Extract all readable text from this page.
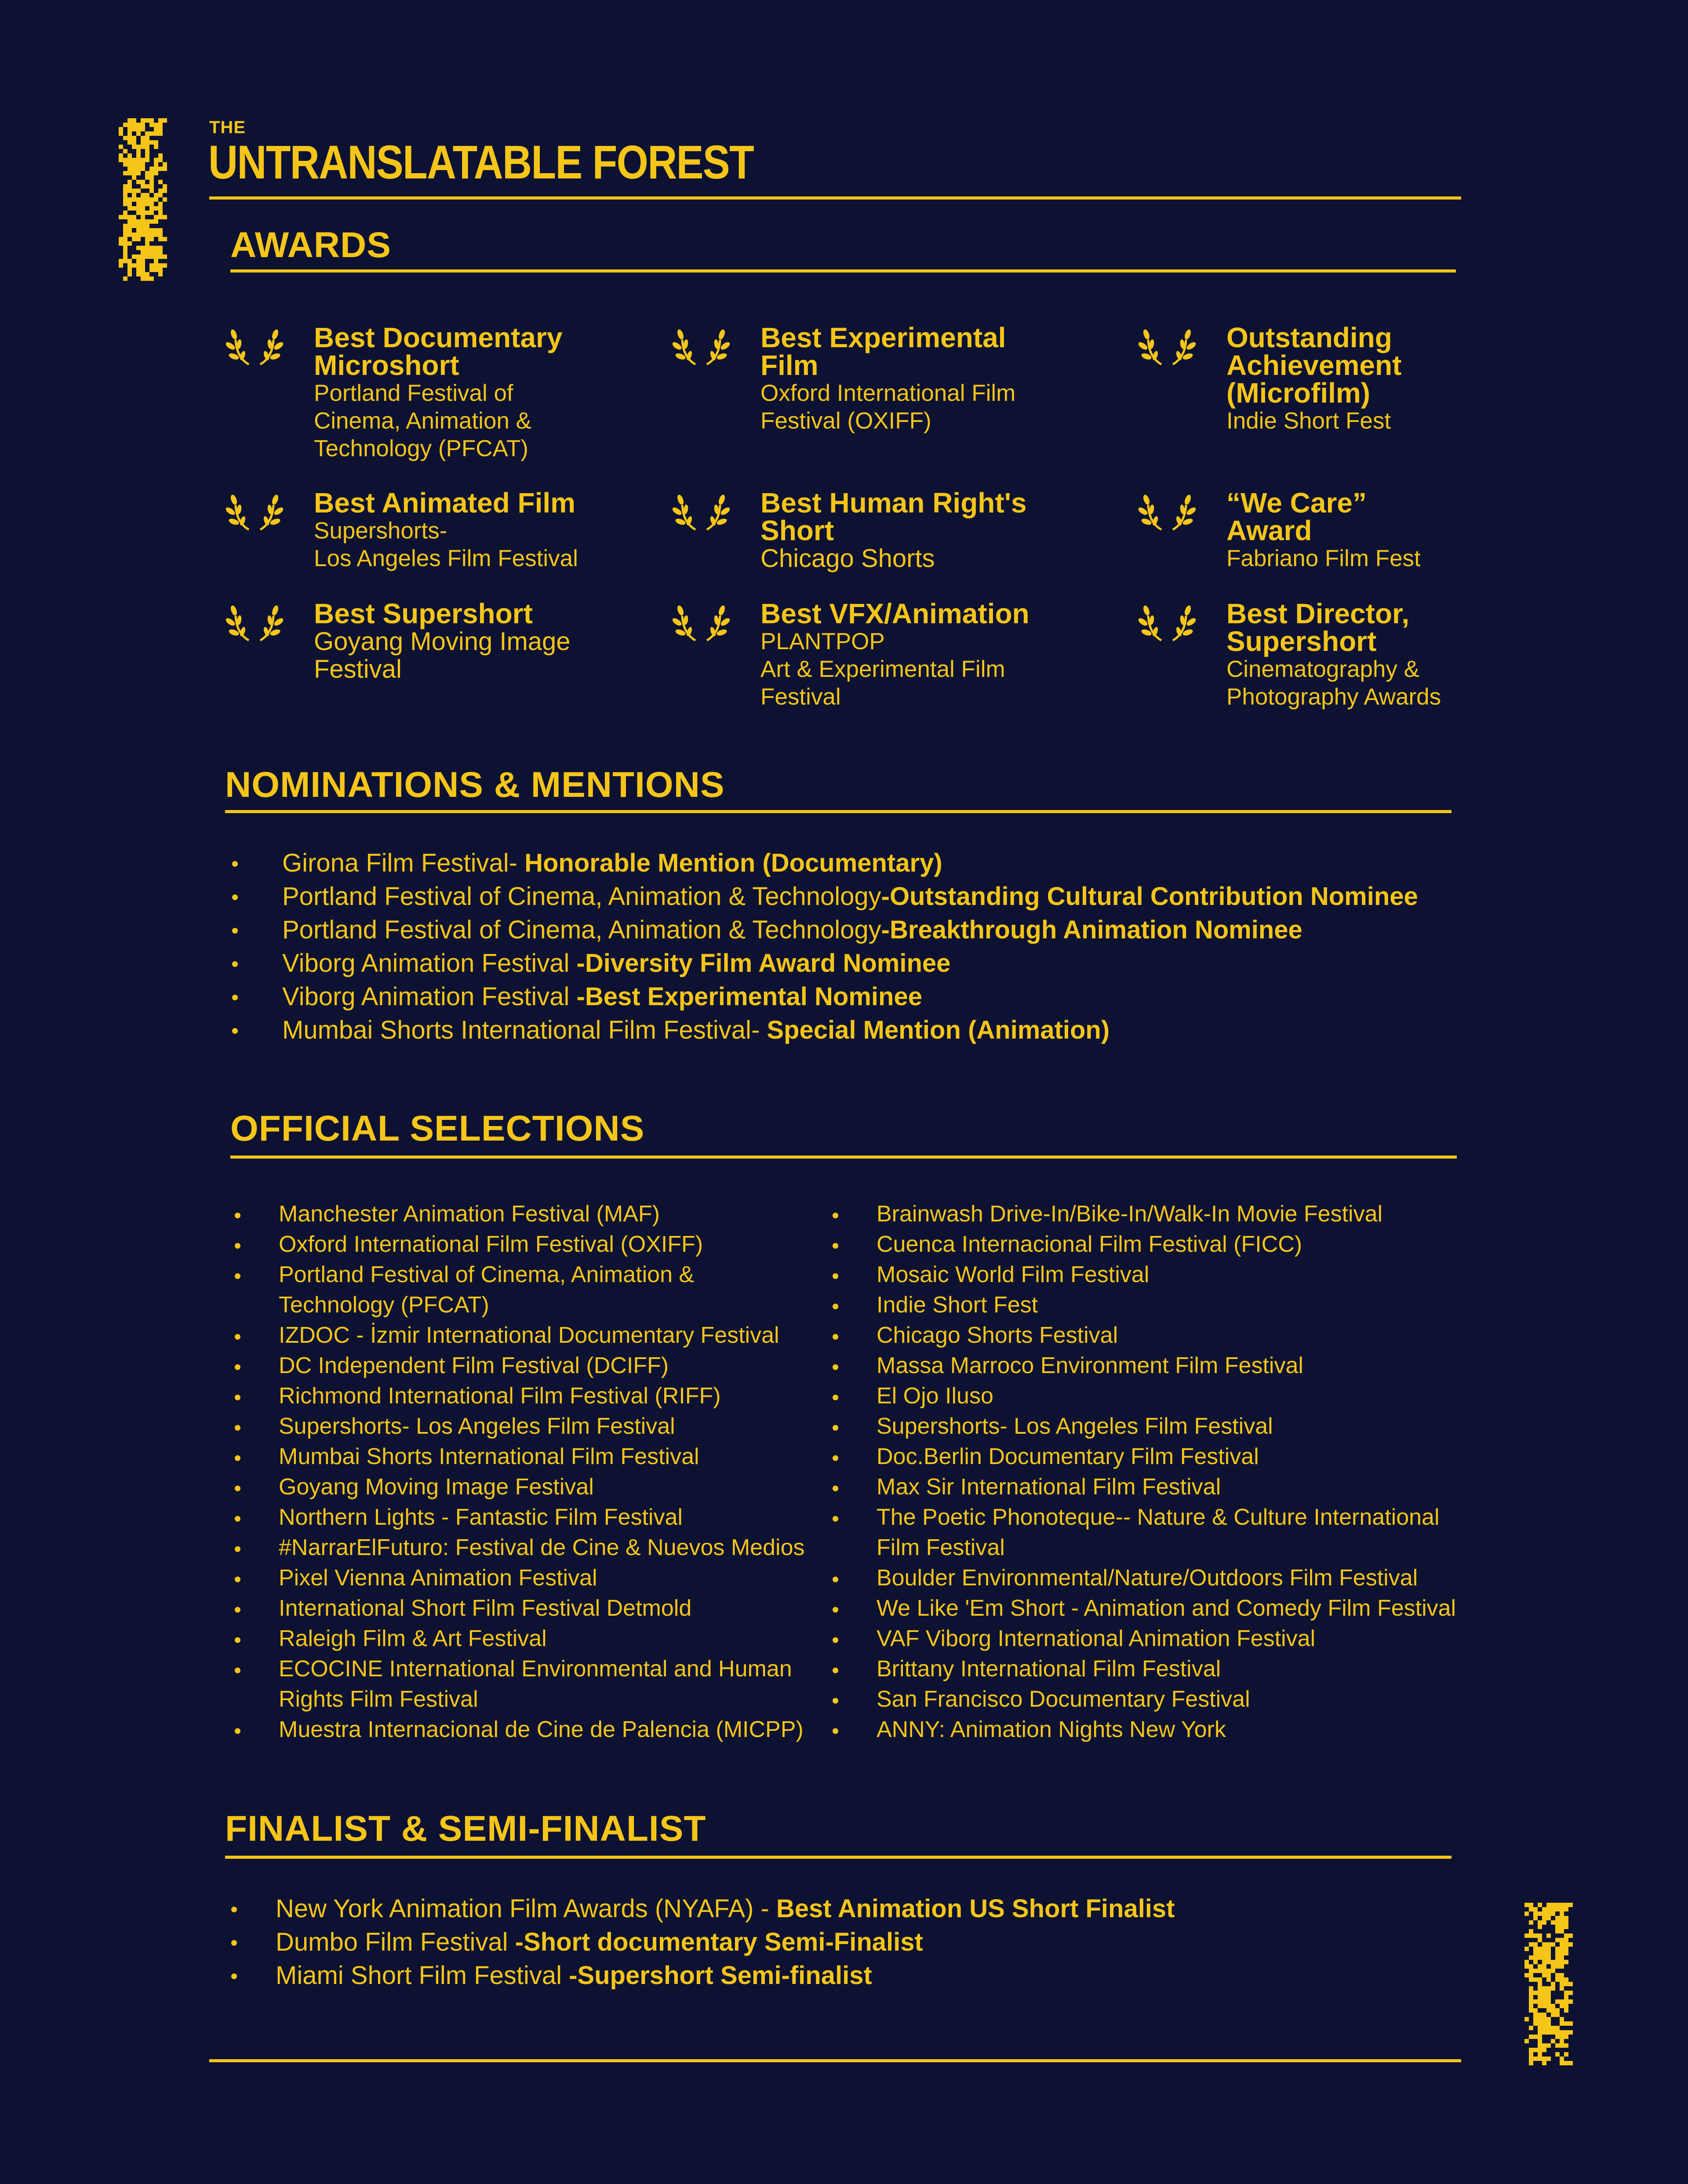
THE
UNTRANSLATABLE FOREST
AWARDS
Best Documentary
Microshort
Portland Festival of
Cinema, Animation &
Technology (PFCAT)
Best Experimental
Film
Oxford International Film
Festival (OXIFF)
Outstanding
Achievement
(Microfilm)
Indie Short Fest
Best Animated Film
Supershorts-
Los Angeles Film Festival
Best Human Right's
Short
Chicago Shorts
“We Care”
Award
Fabriano Film Fest
Best Supershort
Goyang Moving Image
Festival
Best VFX/Animation
PLANTPOP
Art & Experimental Film
Festival
Best Director,
Supershort
Cinematography &
Photography Awards
NOMINATIONS & MENTIONS
Girona Film Festival- Honorable Mention (Documentary)
Portland Festival of Cinema, Animation & Technology-Outstanding Cultural Contribution Nominee
Portland Festival of Cinema, Animation & Technology-Breakthrough Animation Nominee
Viborg Animation Festival -Diversity Film Award Nominee
Viborg Animation Festival -Best Experimental Nominee
Mumbai Shorts International Film Festival- Special Mention (Animation)
OFFICIAL SELECTIONS
Manchester Animation Festival (MAF)
Oxford International Film Festival (OXIFF)
Portland Festival of Cinema, Animation &
Technology (PFCAT)
IZDOC - İzmir International Documentary Festival
DC Independent Film Festival (DCIFF)
Richmond International Film Festival (RIFF)
Supershorts- Los Angeles Film Festival
Mumbai Shorts International Film Festival
Goyang Moving Image Festival
Northern Lights - Fantastic Film Festival
#NarrarElFuturo: Festival de Cine & Nuevos Medios
Pixel Vienna Animation Festival
International Short Film Festival Detmold
Raleigh Film & Art Festival
ECOCINE International Environmental and Human
Rights Film Festival
Muestra Internacional de Cine de Palencia (MICPP)
Brainwash Drive-In/Bike-In/Walk-In Movie Festival
Cuenca Internacional Film Festival (FICC)
Mosaic World Film Festival
Indie Short Fest
Chicago Shorts Festival
Massa Marroco Environment Film Festival
El Ojo Iluso
Supershorts- Los Angeles Film Festival
Doc.Berlin Documentary Film Festival
Max Sir International Film Festival
The Poetic Phonoteque-- Nature & Culture International
Film Festival
Boulder Environmental/Nature/Outdoors Film Festival
We Like 'Em Short - Animation and Comedy Film Festival
VAF Viborg International Animation Festival
Brittany International Film Festival
San Francisco Documentary Festival
ANNY: Animation Nights New York
FINALIST & SEMI-FINALIST
New York Animation Film Awards (NYAFA) - Best Animation US Short Finalist
Dumbo Film Festival -Short documentary Semi-Finalist
Miami Short Film Festival -Supershort Semi-finalist
